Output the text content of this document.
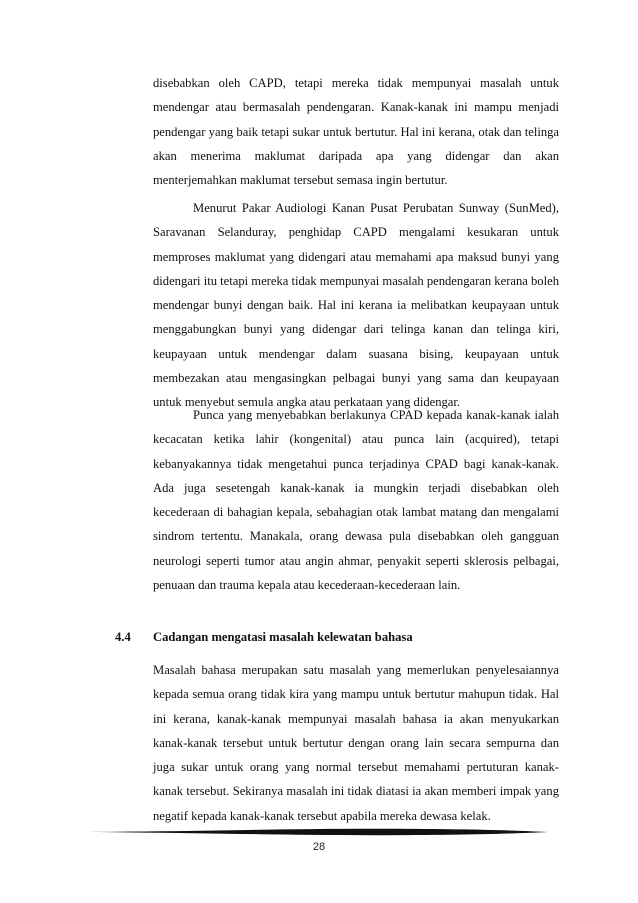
disebabkan oleh CAPD, tetapi mereka tidak mempunyai masalah untuk mendengar atau bermasalah pendengaran. Kanak-kanak ini mampu menjadi pendengar yang baik tetapi sukar untuk bertutur. Hal ini kerana, otak dan telinga akan menerima maklumat daripada apa yang didengar dan akan menterjemahkan maklumat tersebut semasa ingin bertutur.

Menurut Pakar Audiologi Kanan Pusat Perubatan Sunway (SunMed), Saravanan Selanduray, penghidap CAPD mengalami kesukaran untuk memproses maklumat yang didengari atau memahami apa maksud bunyi yang didengari itu tetapi mereka tidak mempunyai masalah pendengaran kerana boleh mendengar bunyi dengan baik. Hal ini kerana ia melibatkan keupayaan untuk menggabungkan bunyi yang didengar dari telinga kanan dan telinga kiri, keupayaan untuk mendengar dalam suasana bising, keupayaan untuk membezakan atau mengasingkan pelbagai bunyi yang sama dan keupayaan untuk menyebut semula angka atau perkataan yang didengar.

Punca yang menyebabkan berlakunya CPAD kepada kanak-kanak ialah kecacatan ketika lahir (kongenital) atau punca lain (acquired), tetapi kebanyakannya tidak mengetahui punca terjadinya CPAD bagi kanak-kanak. Ada juga sesetengah kanak-kanak ia mungkin terjadi disebabkan oleh kecederaan di bahagian kepala, sebahagian otak lambat matang dan mengalami sindrom tertentu. Manakala, orang dewasa pula disebabkan oleh gangguan neurologi seperti tumor atau angin ahmar, penyakit seperti sklerosis pelbagai, penuaan dan trauma kepala atau kecederaan-kecederaan lain.

4.4 Cadangan mengatasi masalah kelewatan bahasa

Masalah bahasa merupakan satu masalah yang memerlukan penyelesaiannya kepada semua orang tidak kira yang mampu untuk bertutur mahupun tidak. Hal ini kerana, kanak-kanak mempunyai masalah bahasa ia akan menyukarkan kanak-kanak tersebut untuk bertutur dengan orang lain secara sempurna dan juga sukar untuk orang yang normal tersebut memahami pertuturan kanak-kanak tersebut. Sekiranya masalah ini tidak diatasi ia akan memberi impak yang negatif kepada kanak-kanak tersebut apabila mereka dewasa kelak.

28
